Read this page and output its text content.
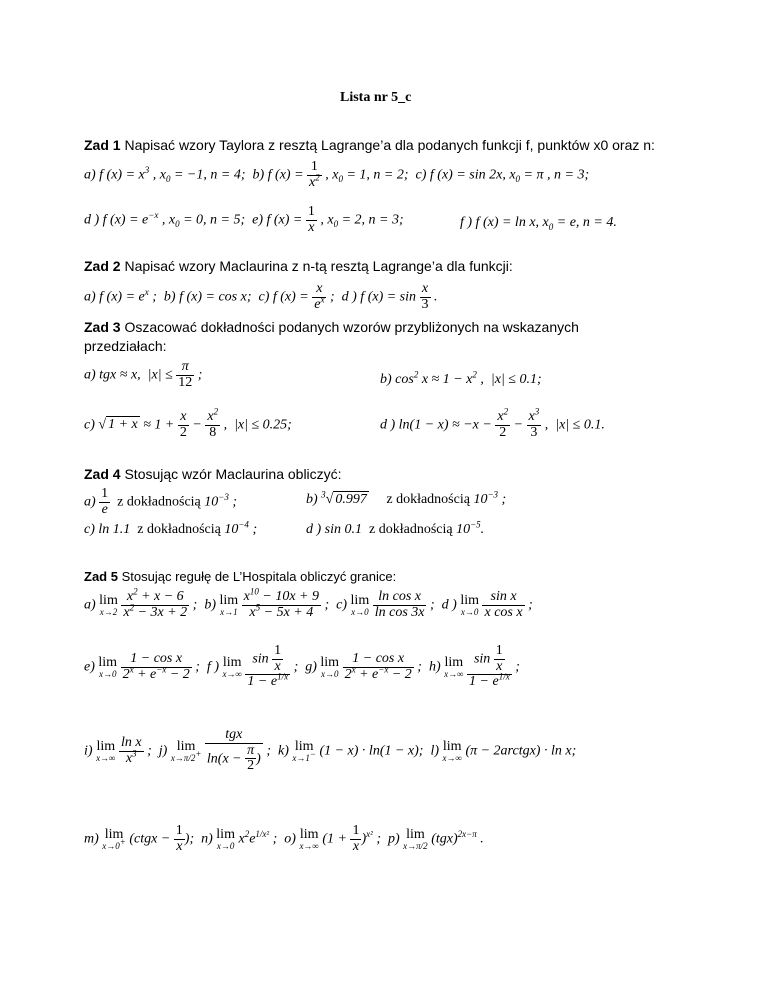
Lista nr 5_c
Zad 1 Napisać wzory Taylora z resztą Lagrange’a dla podanych funkcji f, punktów x0 oraz n:
a) f $(x) = x^3$ , $x_0 = -1$, n = 4;  b) f $(x) = \frac{1}{x^2}$ , $x_0 = 1$, n = 2;  c) f (x) = sin 2x, $x_0 = \pi$ , n = 3;
d ) f $(x) = e^{-x}$ , $x_0 = 0$, n = 5;  e) f $(x) = \frac{1}{x}$ , $x_0 = 2$, n = 3;	f ) f (x) = ln x, $x_0 = e$, n = 4.
Zad 2 Napisać wzory Maclaurina z n-tą resztą Lagrange’a dla funkcji:
a) f $(x) = e^x$ ;  b) f (x) = cos x;  c) f $(x) = \frac{x}{e^x}$ ;  d ) f $(x) = \sin \frac{x}{3}$ .
Zad 3 Oszacować dokładności podanych wzorów przybliżonych na wskazanych
przedziałach:
a) tgx ≈ x,  $|x| \le \frac{\pi}{12}$ ;	b) $\cos^2 x \approx 1 - x^2$ ,  |x| ≤ 0.1;
c) √ $1 + x \approx 1 + \frac{x}{2} - \frac{x^2}{8}$ ,  |x| ≤ 0.25;	d ) $\ln(1 - x) \approx -x - \frac{x^2}{2} - \frac{x^3}{3}$ ,  |x| ≤ 0.1.
Zad 4 Stosując wzór Maclaurina obliczyć:
$a) \frac{1}{e}$ z dokładnością $10^{-3}$ ;	b) $^3$√ 0.997 z dokładnością $10^{-3}$ ;
c) ln 1.1  z dokładnością $10^{-4}$ ;	d ) sin 0.1  z dokładnością $10^{-5}$.
Zad 5 Stosując regułę de L’Hospitala obliczyć granice:
a) lim
x→2
$\frac{x^2 + x - 6}{x^2 - 3x + 2}$ ;  b) lim
x→1
$\frac{x^{10} - 10x + 9}{x^5 - 5x + 4}$ ;  c) lim
x→0
$\frac{\text{ln cos x}}{\text{ln cos 3x}}$ ;  d ) lim
x→0
$\frac{\text{sin x}}{\text{x cos x}}$ ;
e) lim
x→0
$\frac{\text{1 − cos x}}{2^x + e^{-x} - 2}$ ;  f ) lim
x→∞
$\frac{\sin \frac{1}{x}}{1 - e^{1/x}}$ ;  g) lim
x→0
$\frac{\text{1 − cos x}}{2^x + e^{-x} - 2}$ ;  h) lim
x→∞
$\frac{\sin \frac{1}{x}}{1 - e^{1/x}}$ ;
i) lim
x→∞
$\frac{\text{ln x}}{x^3}$ ;  j) lim
x→π/2+

tgx
$\ln(x - \frac{\pi}{2}$ )
;  k) lim
x→1− (1 − x) · ln(1 − x);  l) lim
x→∞ (π − 2arctgx) · ln x;
m) lim
x→0+ (ctgx − $\frac{1}{x}$ );  n) lim
x→0 $x^2e^{1/x^2}$ ;  o) lim
x→∞ $(1 + \frac{1}{x} )^{x^2}$ ;  p) lim
x→π/2 (tgx)$^{2x-\pi}$ .
